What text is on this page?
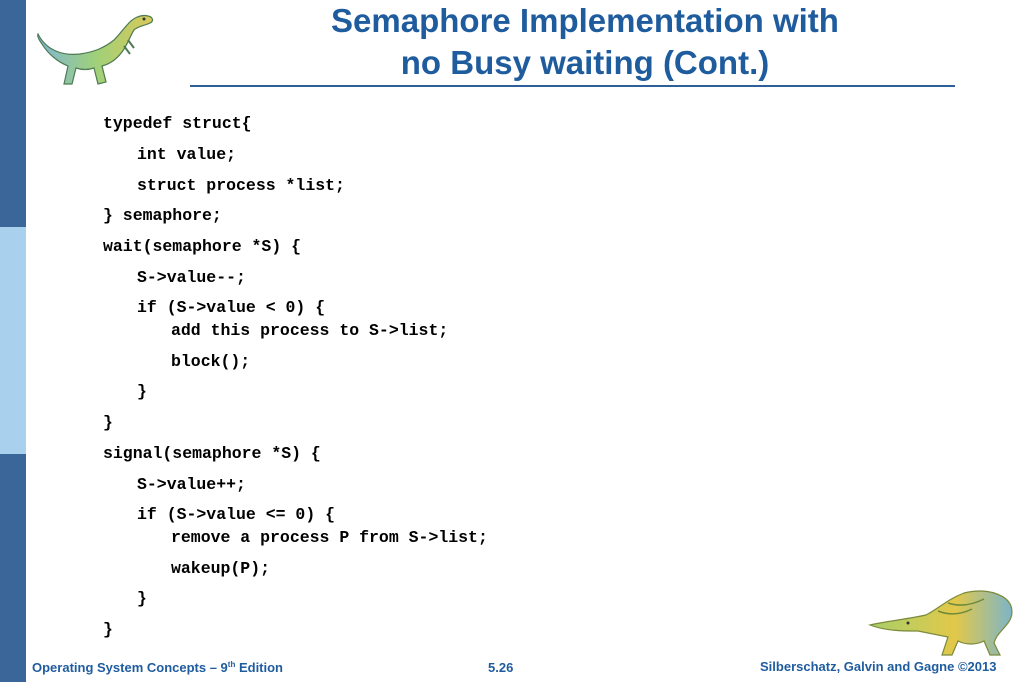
Semaphore Implementation with
no Busy waiting (Cont.)
typedef struct{
int value;
struct process *list;
} semaphore;
wait(semaphore *S) {
S->value--;
if (S->value < 0) {
add this process to S->list;
block();
}
}
signal(semaphore *S) {
S->value++;
if (S->value <= 0) {
remove a process P from S->list;
wakeup(P);
}
}
Operating System Concepts – 9th Edition	5.26	Silberschatz, Galvin and Gagne ©2013
